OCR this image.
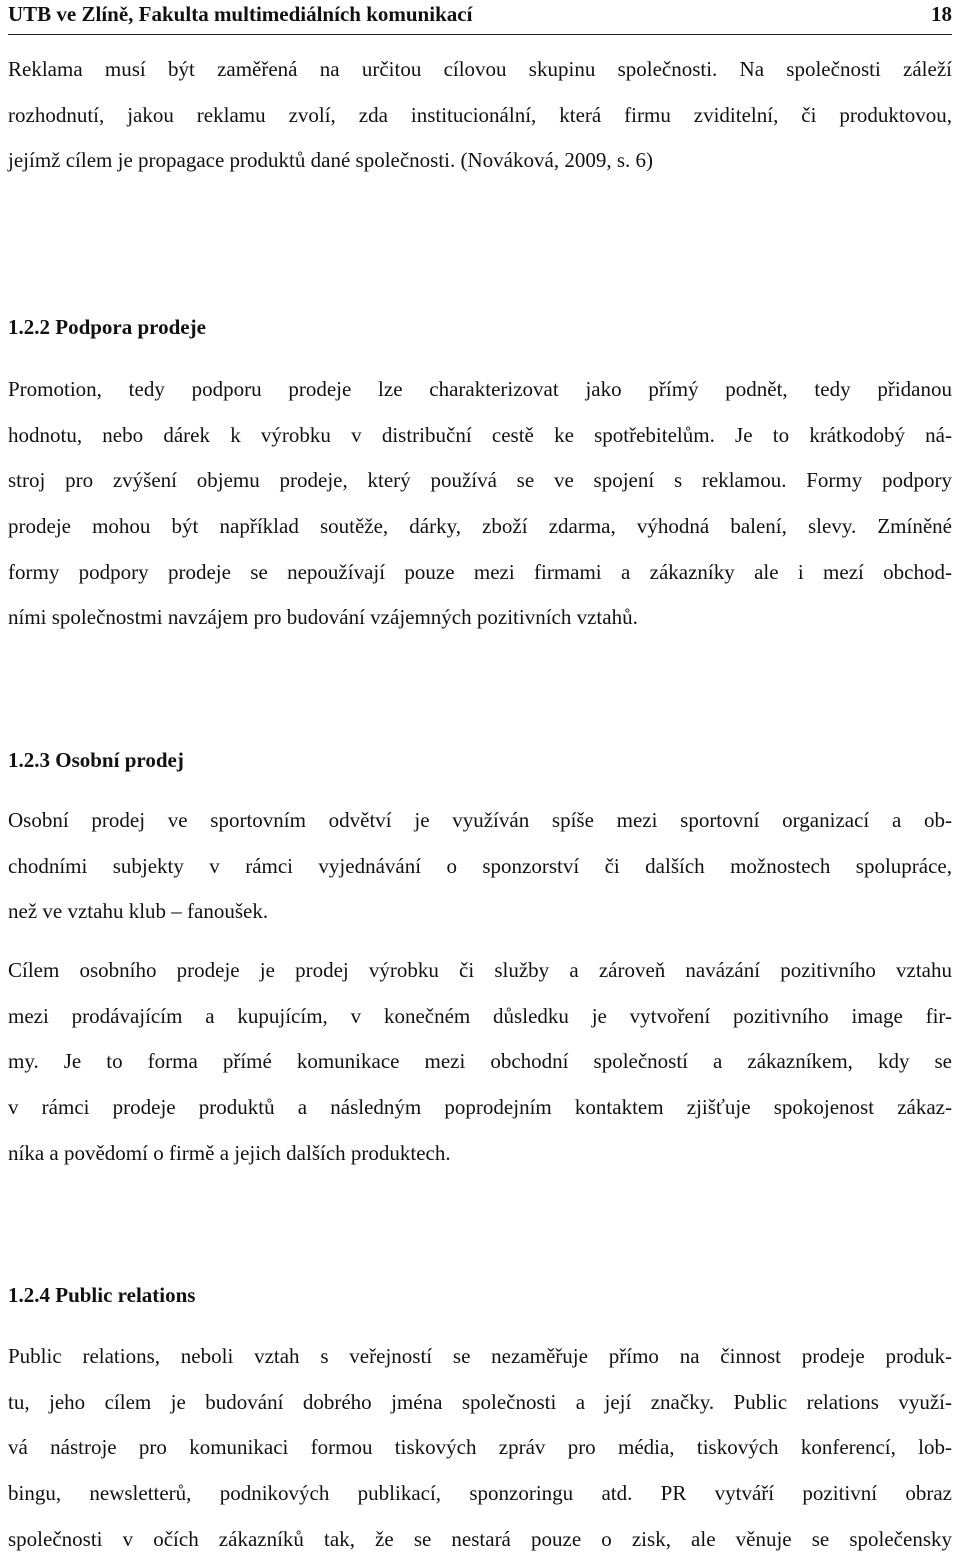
UTB ve Zlíně, Fakulta multimediálních komunikací	18

Reklama musí být zaměřená na určitou cílovou skupinu společnosti. Na společnosti záleží
rozhodnutí, jakou reklamu zvolí, zda institucionální, která firmu zviditelní, či produktovou,
jejímž cílem je propagace produktů dané společnosti. (Nováková, 2009, s. 6)

1.2.2 Podpora prodeje

Promotion, tedy podporu prodeje lze charakterizovat jako přímý podnět, tedy přidanou
hodnotu, nebo dárek k výrobku v distribuční cestě ke spotřebitelům. Je to krátkodobý ná-
stroj pro zvýšení objemu prodeje, který používá se ve spojení s reklamou. Formy podpory
prodeje mohou být například soutěže, dárky, zboží zdarma, výhodná balení, slevy. Zmíněné
formy podpory prodeje se nepoužívají pouze mezi firmami a zákazníky ale i mezí obchod-
ními společnostmi navzájem pro budování vzájemných pozitivních vztahů.

1.2.3 Osobní prodej

Osobní prodej ve sportovním odvětví je využíván spíše mezi sportovní organizací a ob-
chodními subjekty v rámci vyjednávání o sponzorství či dalších možnostech spolupráce,
než ve vztahu klub – fanoušek.

Cílem osobního prodeje je prodej výrobku či služby a zároveň navázání pozitivního vztahu
mezi prodávajícím a kupujícím, v konečném důsledku je vytvoření pozitivního image fir-
my. Je to forma přímé komunikace mezi obchodní společností a zákazníkem, kdy se
v rámci prodeje produktů a následným poprodejním kontaktem zjišťuje spokojenost zákaz-
níka a povědomí o firmě a jejich dalších produktech.

1.2.4 Public relations

Public relations, neboli vztah s veřejností se nezaměřuje přímo na činnost prodeje produk-
tu, jeho cílem je budování dobrého jména společnosti a její značky. Public relations využí-
vá nástroje pro komunikaci formou tiskových zpráv pro média, tiskových konferencí, lob-
bingu, newsletterů, podnikových publikací, sponzoringu atd. PR vytváří pozitivní obraz
společnosti v očích zákazníků tak, že se nestará pouze o zisk, ale věnuje se společensky
